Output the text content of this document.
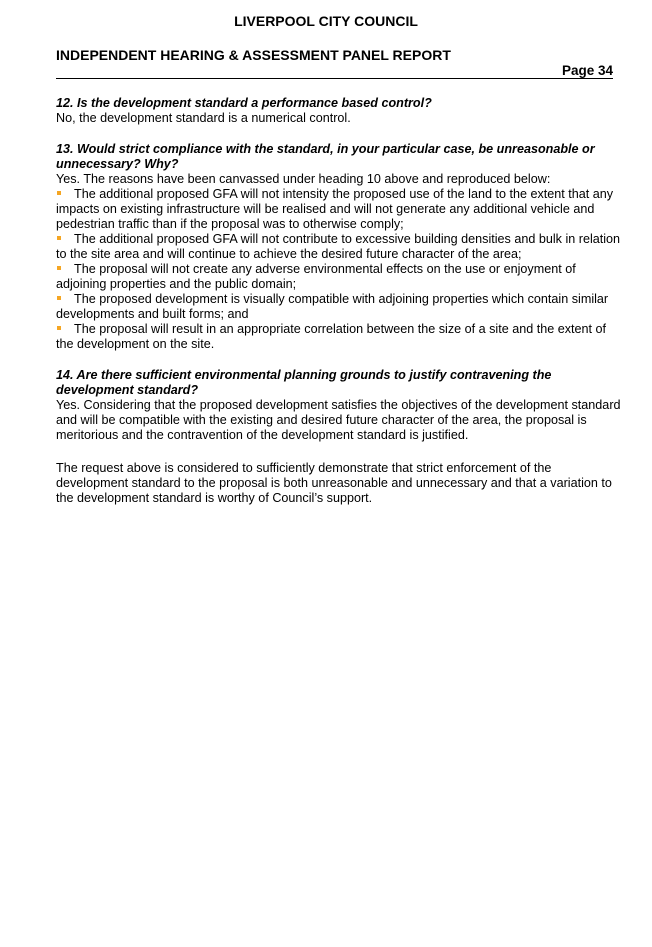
LIVERPOOL CITY COUNCIL
INDEPENDENT HEARING & ASSESSMENT PANEL REPORT
Page 34

12. Is the development standard a performance based control?

No, the development standard is a numerical control.

13. Would strict compliance with the standard, in your particular case, be unreasonable or unnecessary? Why?

Yes. The reasons have been canvassed under heading 10 above and reproduced below:

The additional proposed GFA will not intensity the proposed use of the land to the extent that any impacts on existing infrastructure will be realised and will not generate any additional vehicle and pedestrian traffic than if the proposal was to otherwise comply;
The additional proposed GFA will not contribute to excessive building densities and bulk in relation to the site area and will continue to achieve the desired future character of the area;
The proposal will not create any adverse environmental effects on the use or enjoyment of adjoining properties and the public domain;
The proposed development is visually compatible with adjoining properties which contain similar developments and built forms; and
The proposal will result in an appropriate correlation between the size of a site and the extent of the development on the site.

14. Are there sufficient environmental planning grounds to justify contravening the development standard?

Yes. Considering that the proposed development satisfies the objectives of the development standard and will be compatible with the existing and desired future character of the area, the proposal is meritorious and the contravention of the development standard is justified.

The request above is considered to sufficiently demonstrate that strict enforcement of the development standard to the proposal is both unreasonable and unnecessary and that a variation to the development standard is worthy of Council’s support.
